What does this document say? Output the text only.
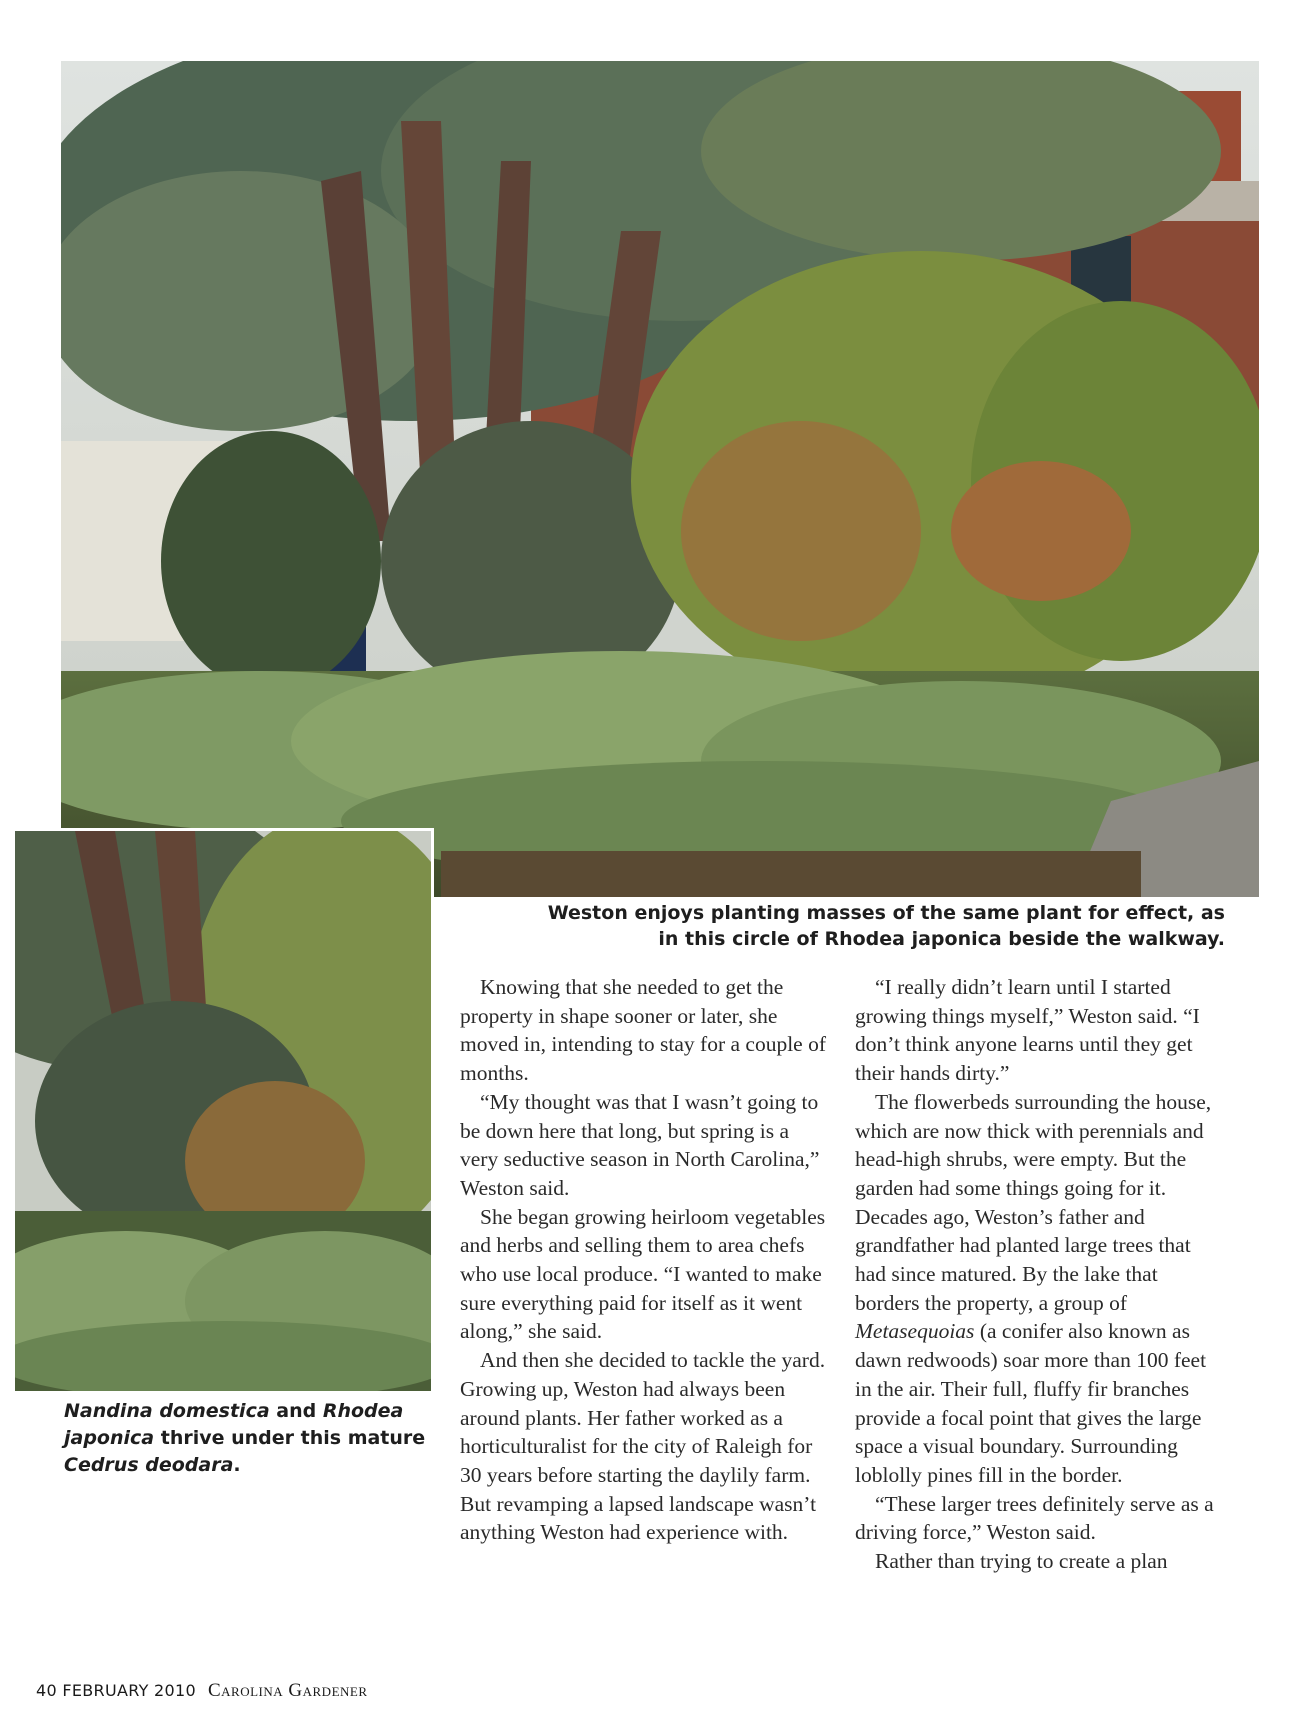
Weston enjoys planting masses of the same plant for effect, as in this circle of Rhodea japonica beside the walkway.
Nandina domestica and Rhodea japonica thrive under this mature Cedrus deodara.

Knowing that she needed to get the property in shape sooner or later, she moved in, intending to stay for a couple of months.

“My thought was that I wasn’t going to be down here that long, but spring is a very seductive season in North Carolina,” Weston said.

She began growing heirloom vegetables and herbs and selling them to area chefs who use local produce. “I wanted to make sure everything paid for itself as it went along,” she said.

And then she decided to tackle the yard. Growing up, Weston had always been around plants. Her father worked as a horticulturalist for the city of Raleigh for 30 years before starting the daylily farm. But revamping a lapsed landscape wasn’t anything Weston had experience with.

“I really didn’t learn until I started growing things myself,” Weston said. “I don’t think anyone learns until they get their hands dirty.”

The flowerbeds surrounding the house, which are now thick with perennials and head-high shrubs, were empty. But the garden had some things going for it. Decades ago, Weston’s father and grandfather had planted large trees that had since matured. By the lake that borders the property, a group of Metasequoias (a conifer also known as dawn redwoods) soar more than 100 feet in the air. Their full, fluffy fir branches provide a focal point that gives the large space a visual boundary. Surrounding loblolly pines fill in the border.

“These larger trees definitely serve as a driving force,” Weston said.

Rather than trying to create a plan

40 FEBRUARY 2010 Carolina Gardener
